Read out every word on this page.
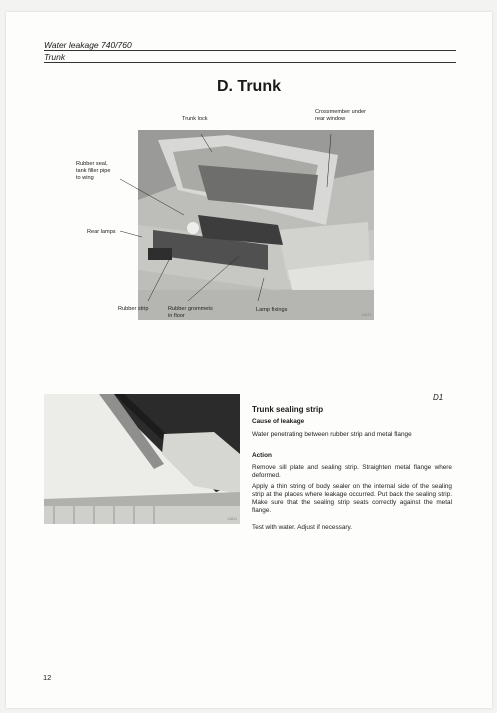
Water leakage 740/760
Trunk
D. Trunk
14823
Trunk lock
Crossmember under
rear window
Rubber seal,
tank filler pipe
to wing
Rear lamps
Rubber strip	Rubber grommets
in floor
Lamp fixings
14824
D1
Trunk sealing strip
Cause of leakage
Water penetrating between rubber strip and metal flange
Action
Remove sill plate and sealing strip. Straighten metal flange where deformed.
Apply a thin string of body sealer on the internal side of the sealing strip at the places where leakage occurred. Put back the sealing strip. Make sure that the sealing strip seats correctly against the metal flange.
Test with water. Adjust if necessary.
12
